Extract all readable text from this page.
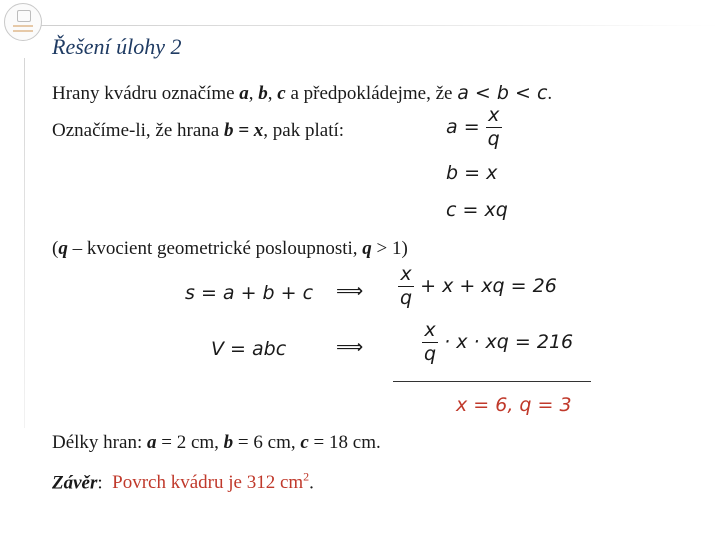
Řešení úlohy 2
Hrany kvádru označíme a, b, c a předpokládejme, že a < b < c.
Označíme-li, že hrana b = x, pak platí:	$a = \frac{x}{q}$
b = x
c = xq
(q – kvocient geometrické posloupnosti, q > 1)
s = a + b + c ⟹ $\frac{x}{q} + x$ + xq = 26
V = abc	⟹	$\frac{x}{q} \cdot x$ · xq = 216
x = 6, q = 3
Délky hran: a = 2 cm, b = 6 cm, c = 18 cm.
Závěr: Povrch kvádru je 312 $cm^2$.
